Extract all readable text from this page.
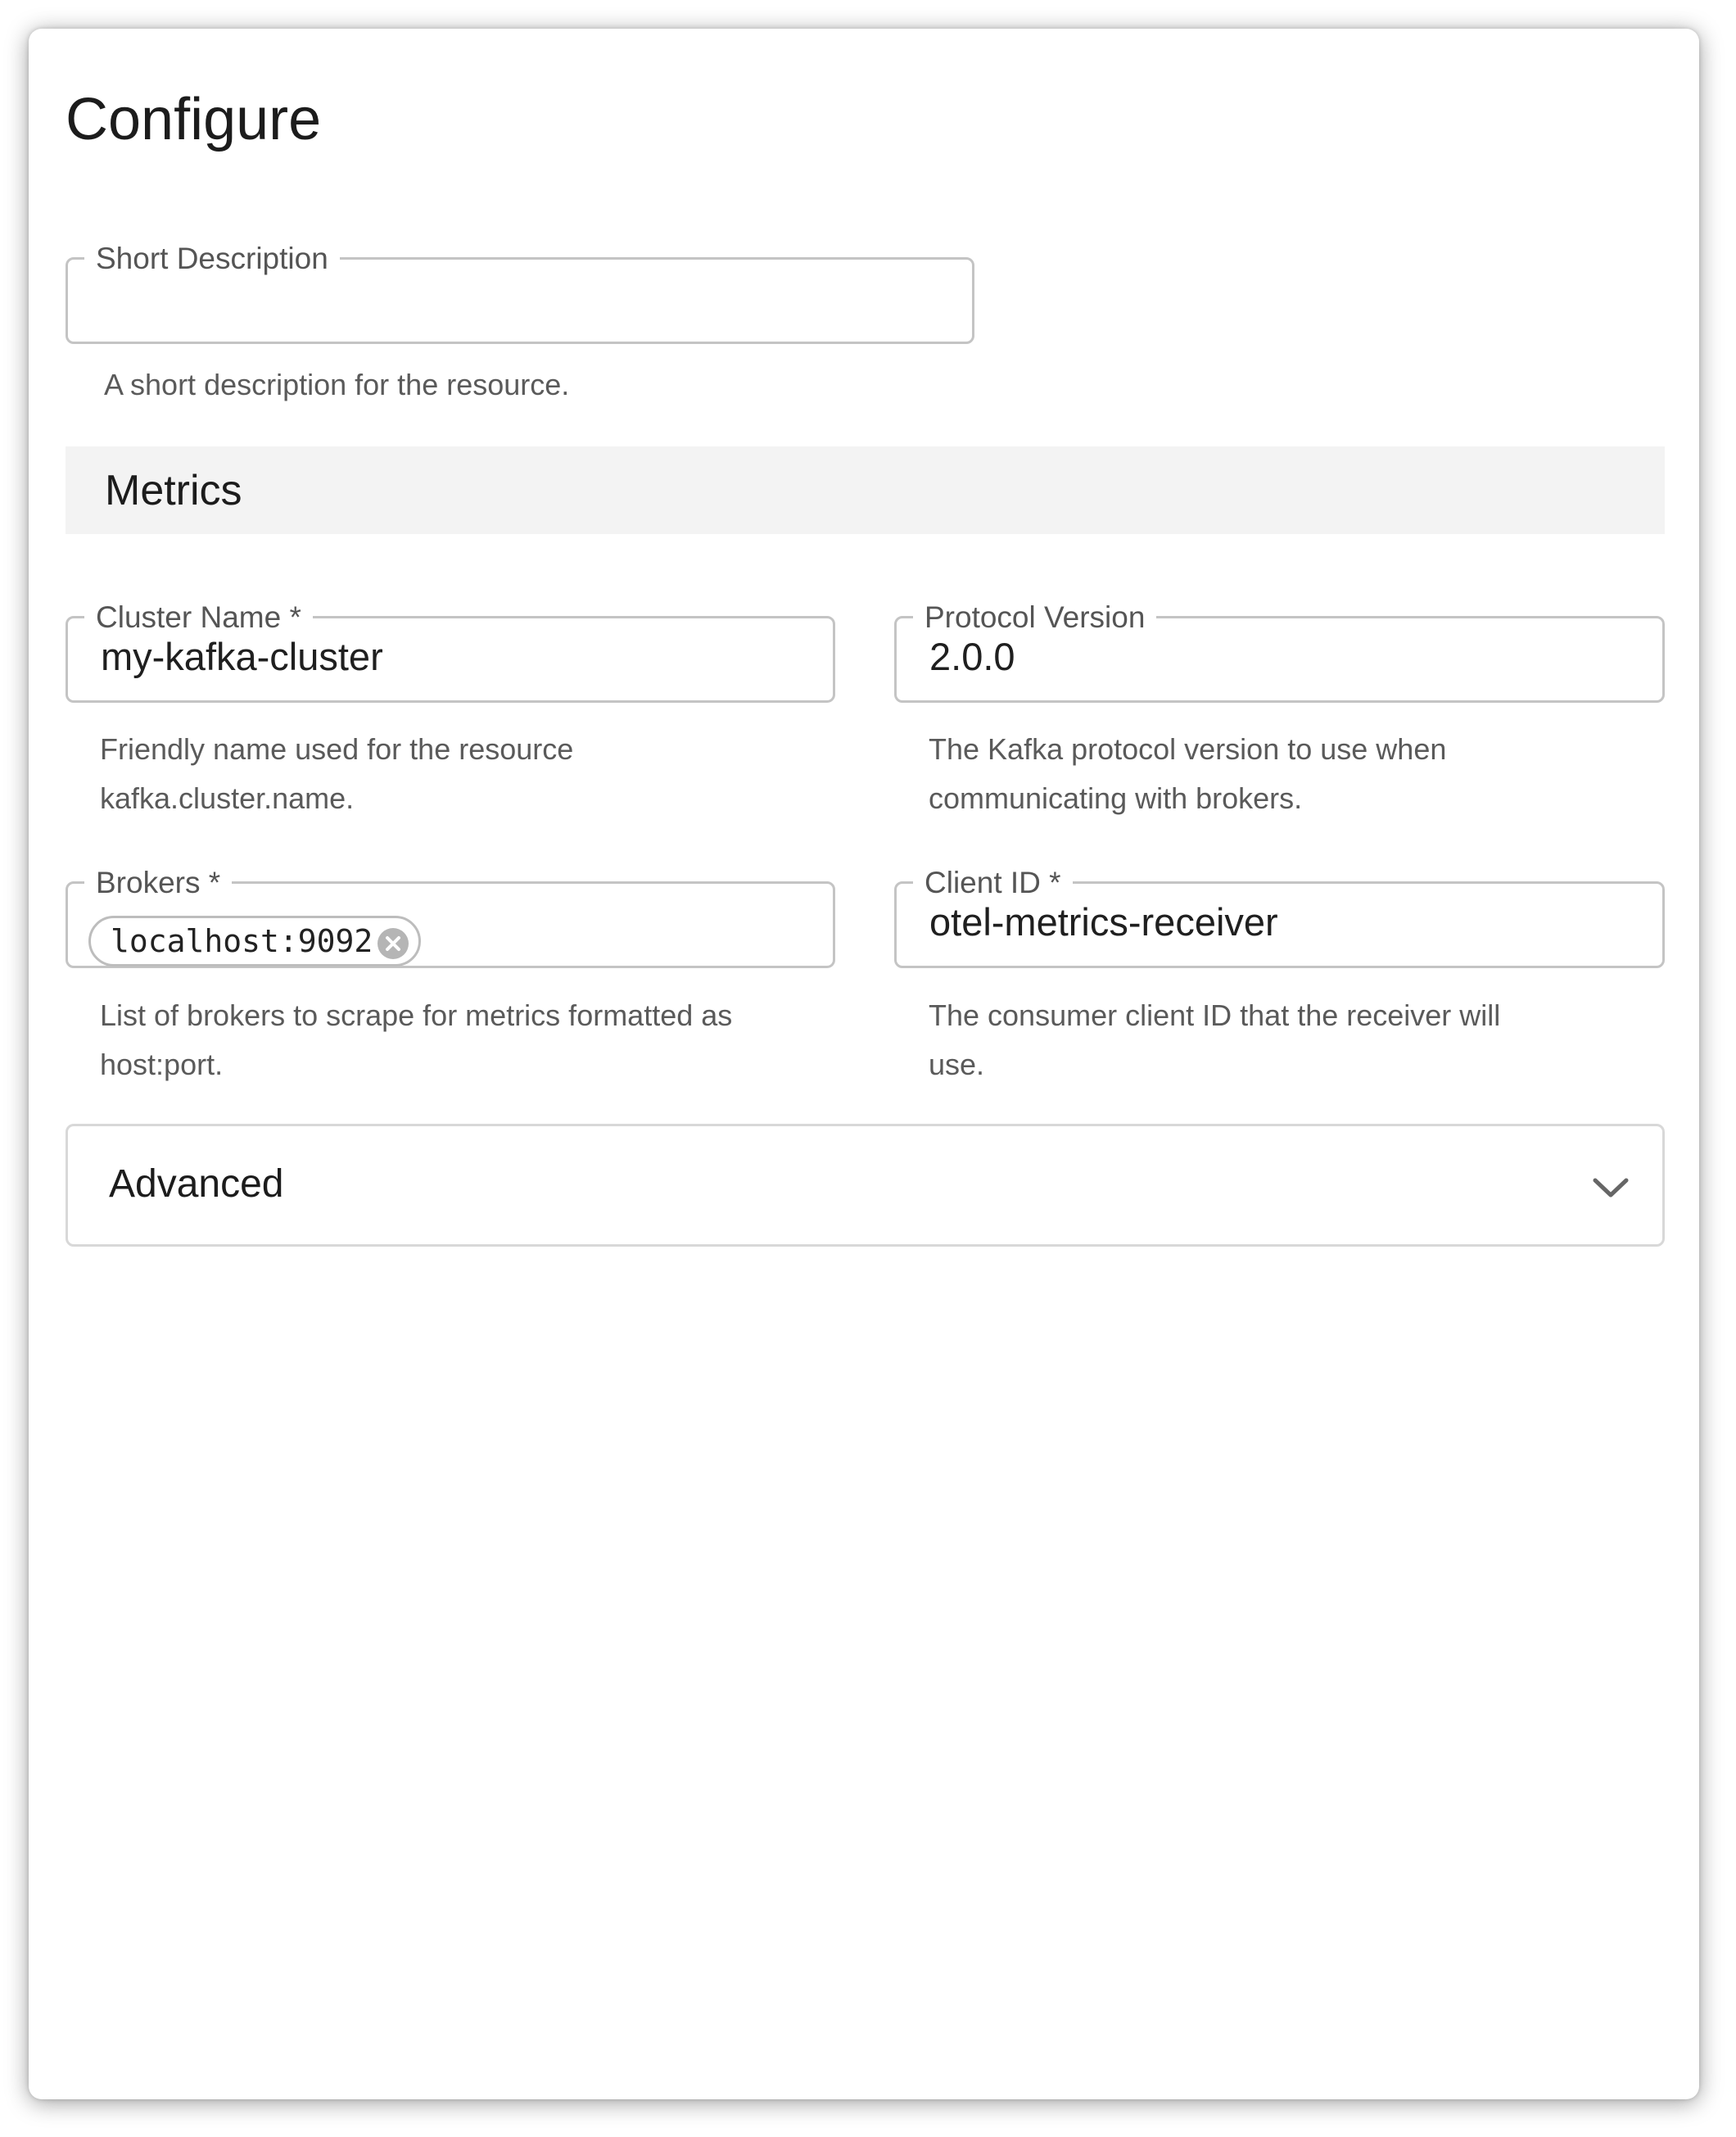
Configure
Short Description

A short description for the resource.

Metrics
Cluster Name *
my-kafka-cluster
Friendly name used for the resource
kafka.cluster.name.
Protocol Version
2.0.0
The Kafka protocol version to use when
communicating with brokers.
Brokers *
localhost:9092
List of brokers to scrape for metrics formatted as
host:port.
Client ID *
otel-metrics-receiver
The consumer client ID that the receiver will
use.
Advanced
